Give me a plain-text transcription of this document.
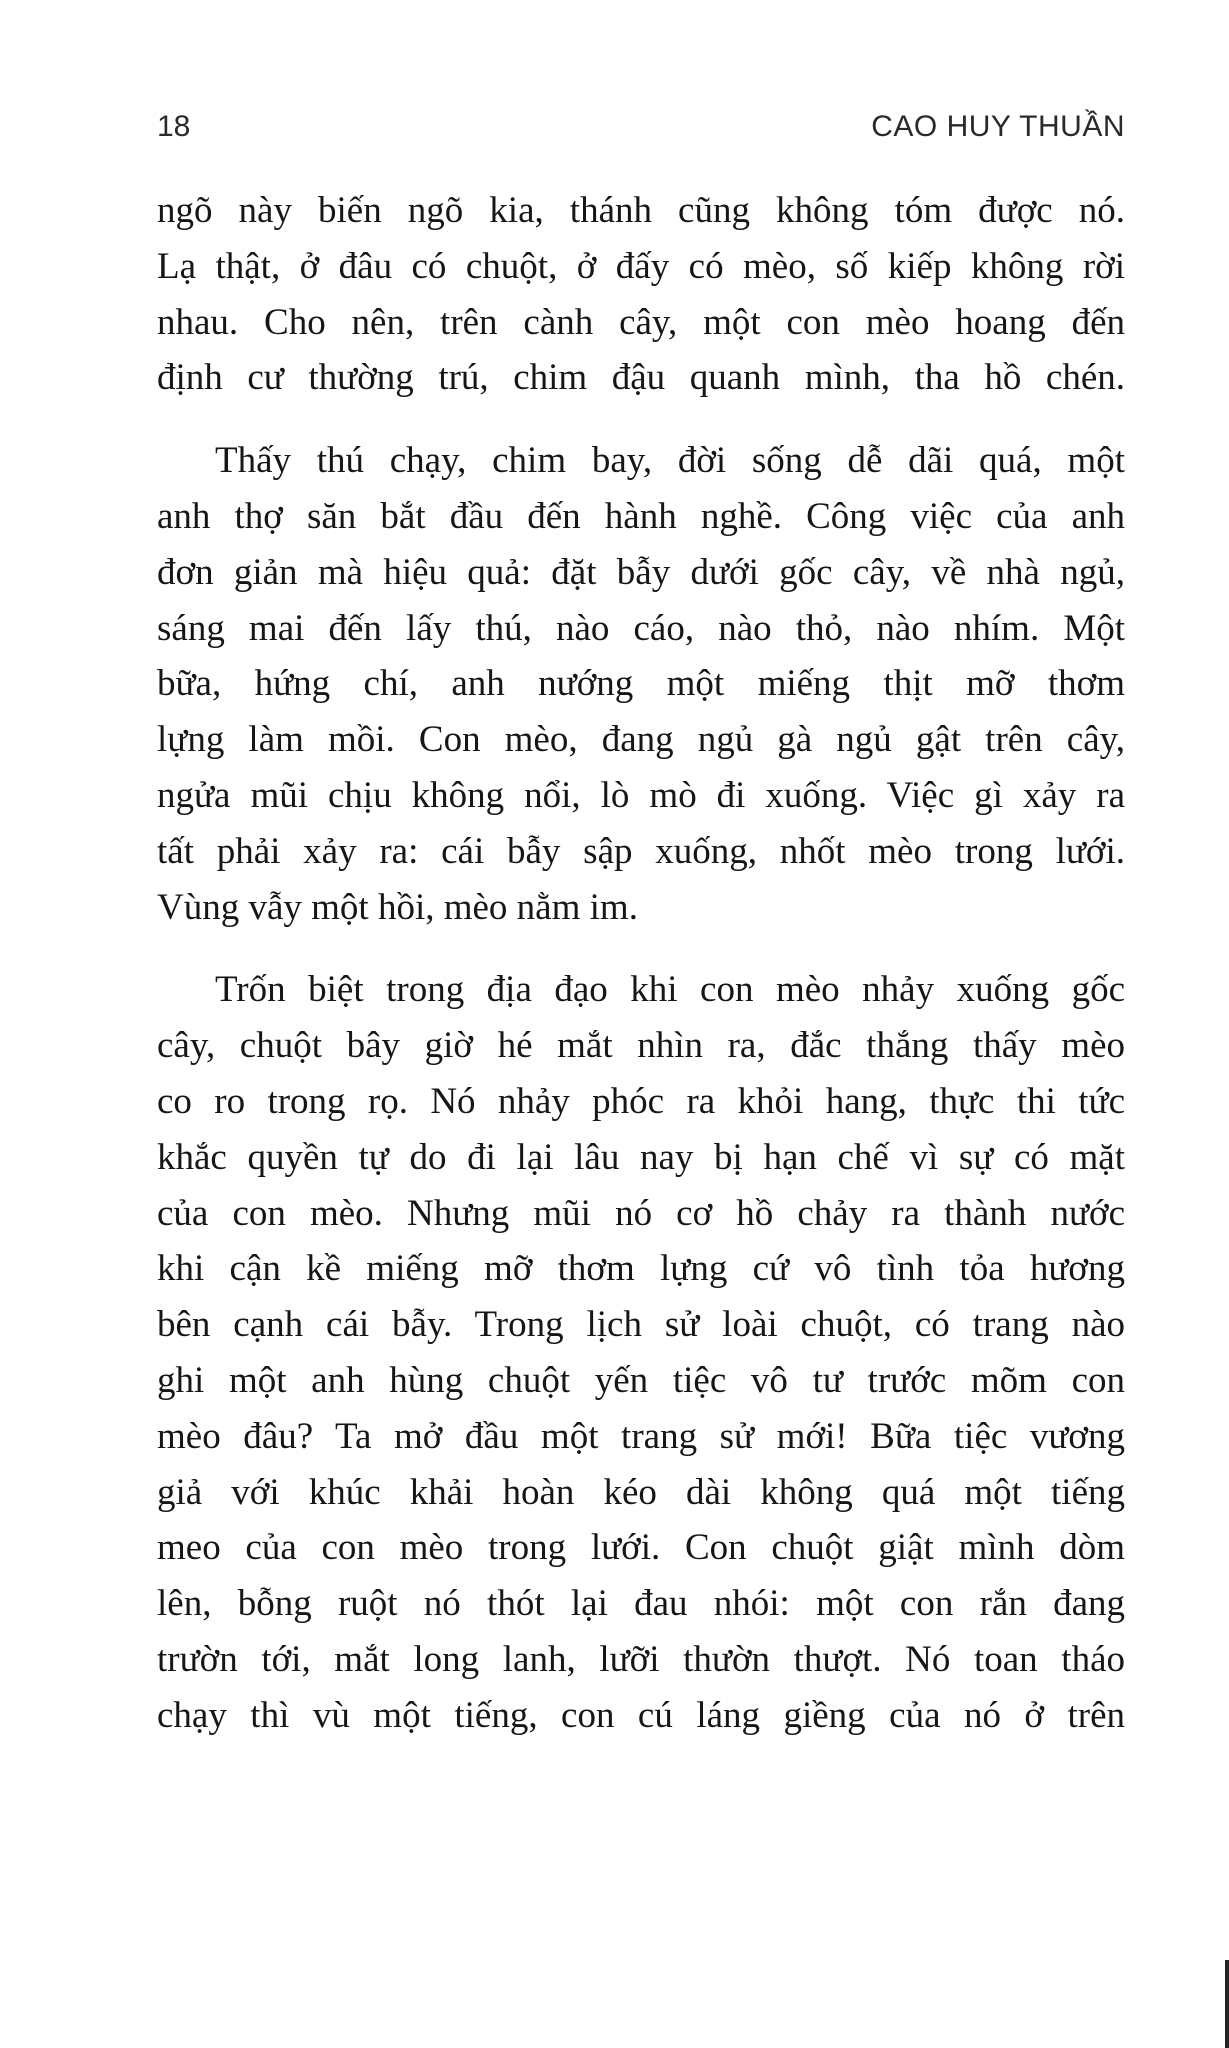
18	CAO HUY THUẦN
ngõ này biến ngõ kia, thánh cũng không tóm được nó.
Lạ thật, ở đâu có chuột, ở đấy có mèo, số kiếp không rời
nhau. Cho nên, trên cành cây, một con mèo hoang đến
định cư thường trú, chim đậu quanh mình, tha hồ chén.
Thấy thú chạy, chim bay, đời sống dễ dãi quá, một
anh thợ săn bắt đầu đến hành nghề. Công việc của anh
đơn giản mà hiệu quả: đặt bẫy dưới gốc cây, về nhà ngủ,
sáng mai đến lấy thú, nào cáo, nào thỏ, nào nhím. Một
bữa, hứng chí, anh nướng một miếng thịt mỡ thơm
lựng làm mồi. Con mèo, đang ngủ gà ngủ gật trên cây,
ngửa mũi chịu không nổi, lò mò đi xuống. Việc gì xảy ra
tất phải xảy ra: cái bẫy sập xuống, nhốt mèo trong lưới.
Vùng vẫy một hồi, mèo nằm im.
Trốn biệt trong địa đạo khi con mèo nhảy xuống gốc
cây, chuột bây giờ hé mắt nhìn ra, đắc thắng thấy mèo
co ro trong rọ. Nó nhảy phóc ra khỏi hang, thực thi tức
khắc quyền tự do đi lại lâu nay bị hạn chế vì sự có mặt
của con mèo. Nhưng mũi nó cơ hồ chảy ra thành nước
khi cận kề miếng mỡ thơm lựng cứ vô tình tỏa hương
bên cạnh cái bẫy. Trong lịch sử loài chuột, có trang nào
ghi một anh hùng chuột yến tiệc vô tư trước mõm con
mèo đâu? Ta mở đầu một trang sử mới! Bữa tiệc vương
giả với khúc khải hoàn kéo dài không quá một tiếng
meo của con mèo trong lưới. Con chuột giật mình dòm
lên, bỗng ruột nó thót lại đau nhói: một con rắn đang
trườn tới, mắt long lanh, lưỡi thườn thượt. Nó toan tháo
chạy thì vù một tiếng, con cú láng giềng của nó ở trên
